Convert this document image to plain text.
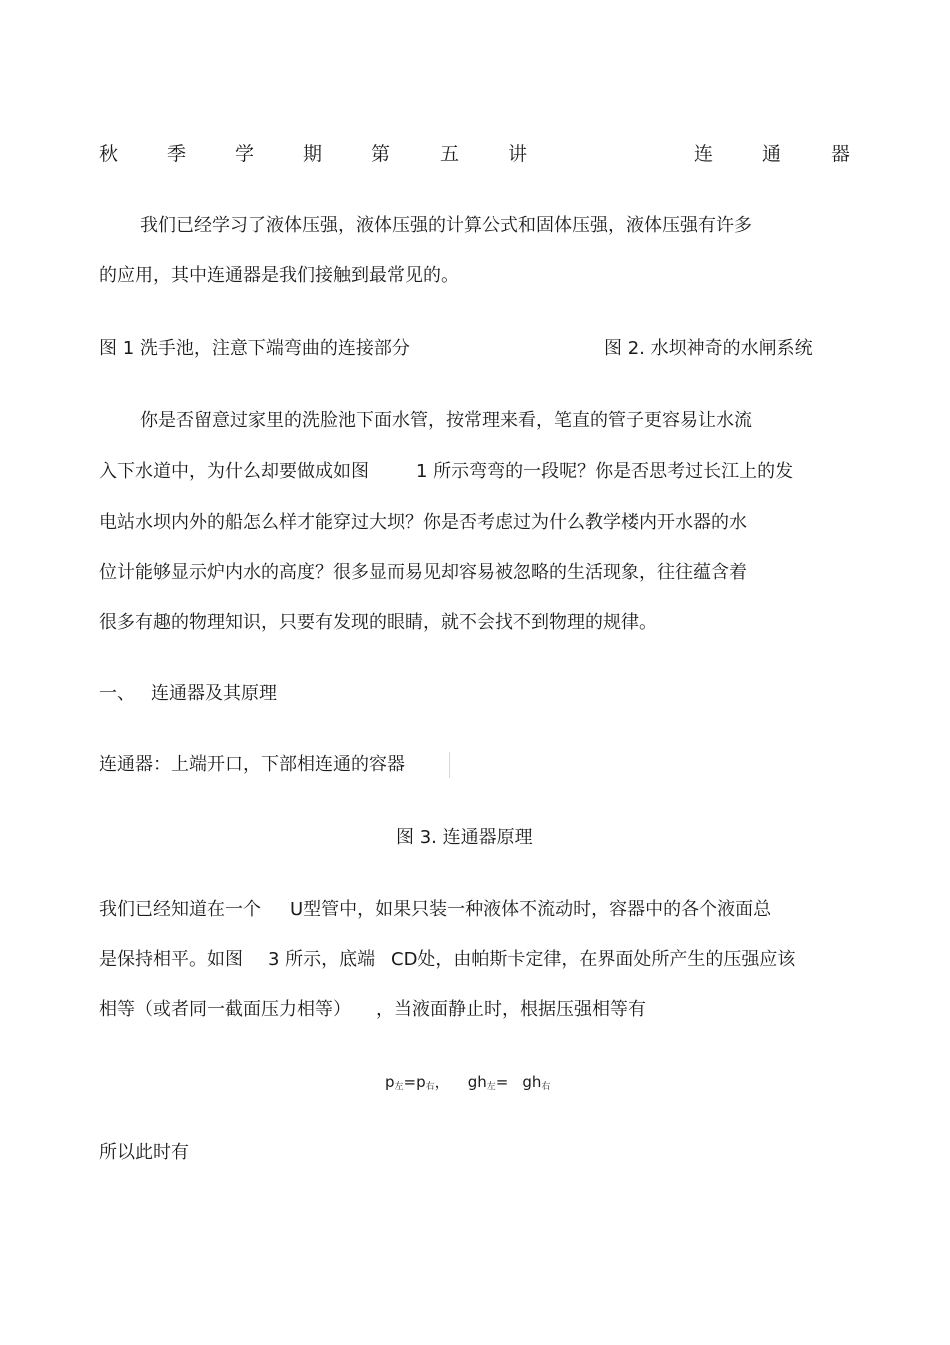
秋	季	学	期	第	五	讲	连	通	器
我们已经学习了液体压强，液体压强的计算公式和固体压强，液体压强有许多
的应用，其中连通器是我们接触到最常见的。
图 1 洗手池，注意下端弯曲的连接部分	图 2. 水坝神奇的水闸系统
你是否留意过家里的洗脸池下面水管，按常理来看，笔直的管子更容易让水流
入下水道中，为什么却要做成如图	1 所示弯弯的一段呢？你是否思考过长江上的发
电站水坝内外的船怎么样才能穿过大坝？你是否考虑过为什么教学楼内开水器的水
位计能够显示炉内水的高度？很多显而易见却容易被忽略的生活现象，往往蕴含着
很多有趣的物理知识，只要有发现的眼睛，就不会找不到物理的规律。
一、 连通器及其原理
连通器：上端开口，下部相连通的容器
图 3. 连通器原理
我们已经知道在一个 U型管中，如果只装一种液体不流动时，容器中的各个液面总
是保持相平。如图 3 所示，底端 CD处，由帕斯卡定律，在界面处所产生的压强应该
相等（或者同一截面压力相等） ，当液面静止时，根据压强相等有
$p_左=p_右$， $gh_左= gh_右$
所以此时有
